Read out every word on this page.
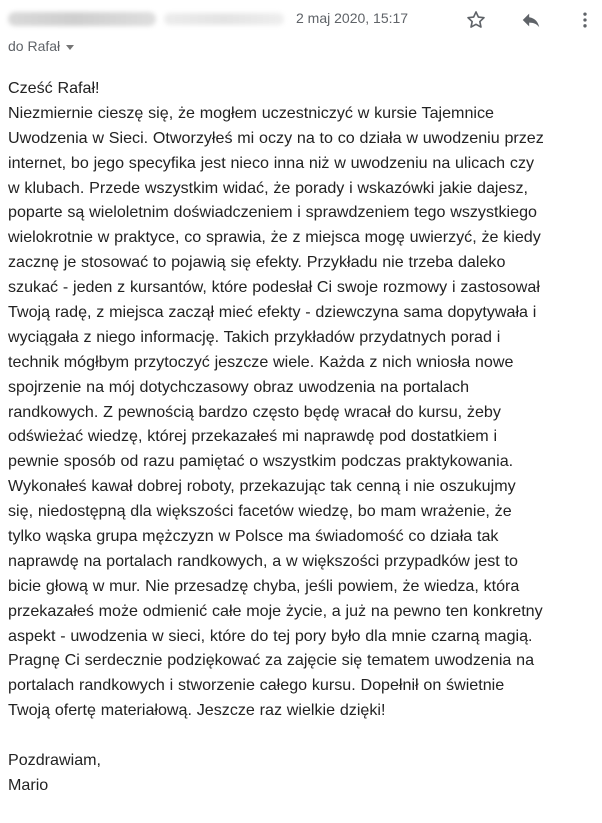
2 maj 2020, 15:17
do Rafał
Cześć Rafał!
Niezmiernie cieszę się, że mogłem uczestniczyć w kursie Tajemnice
Uwodzenia w Sieci. Otworzyłeś mi oczy na to co działa w uwodzeniu przez
internet, bo jego specyfika jest nieco inna niż w uwodzeniu na ulicach czy
w klubach. Przede wszystkim widać, że porady i wskazówki jakie dajesz,
poparte są wieloletnim doświadczeniem i sprawdzeniem tego wszystkiego
wielokrotnie w praktyce, co sprawia, że z miejsca mogę uwierzyć, że kiedy
zacznę je stosować to pojawią się efekty. Przykładu nie trzeba daleko
szukać - jeden z kursantów, które podesłał Ci swoje rozmowy i zastosował
Twoją radę, z miejsca zaczął mieć efekty - dziewczyna sama dopytywała i
wyciągała z niego informację. Takich przykładów przydatnych porad i
technik mógłbym przytoczyć jeszcze wiele. Każda z nich wniosła nowe
spojrzenie na mój dotychczasowy obraz uwodzenia na portalach
randkowych. Z pewnością bardzo często będę wracał do kursu, żeby
odświeżać wiedzę, której przekazałeś mi naprawdę pod dostatkiem i
pewnie sposób od razu pamiętać o wszystkim podczas praktykowania.
Wykonałeś kawał dobrej roboty, przekazując tak cenną i nie oszukujmy
się, niedostępną dla większości facetów wiedzę, bo mam wrażenie, że
tylko wąska grupa mężczyzn w Polsce ma świadomość co działa tak
naprawdę na portalach randkowych, a w większości przypadków jest to
bicie głową w mur. Nie przesadzę chyba, jeśli powiem, że wiedza, która
przekazałeś może odmienić całe moje życie, a już na pewno ten konkretny
aspekt - uwodzenia w sieci, które do tej pory było dla mnie czarną magią.
Pragnę Ci serdecznie podziękować za zajęcie się tematem uwodzenia na
portalach randkowych i stworzenie całego kursu. Dopełnił on świetnie
Twoją ofertę materiałową. Jeszcze raz wielkie dzięki!
Pozdrawiam,
Mario
